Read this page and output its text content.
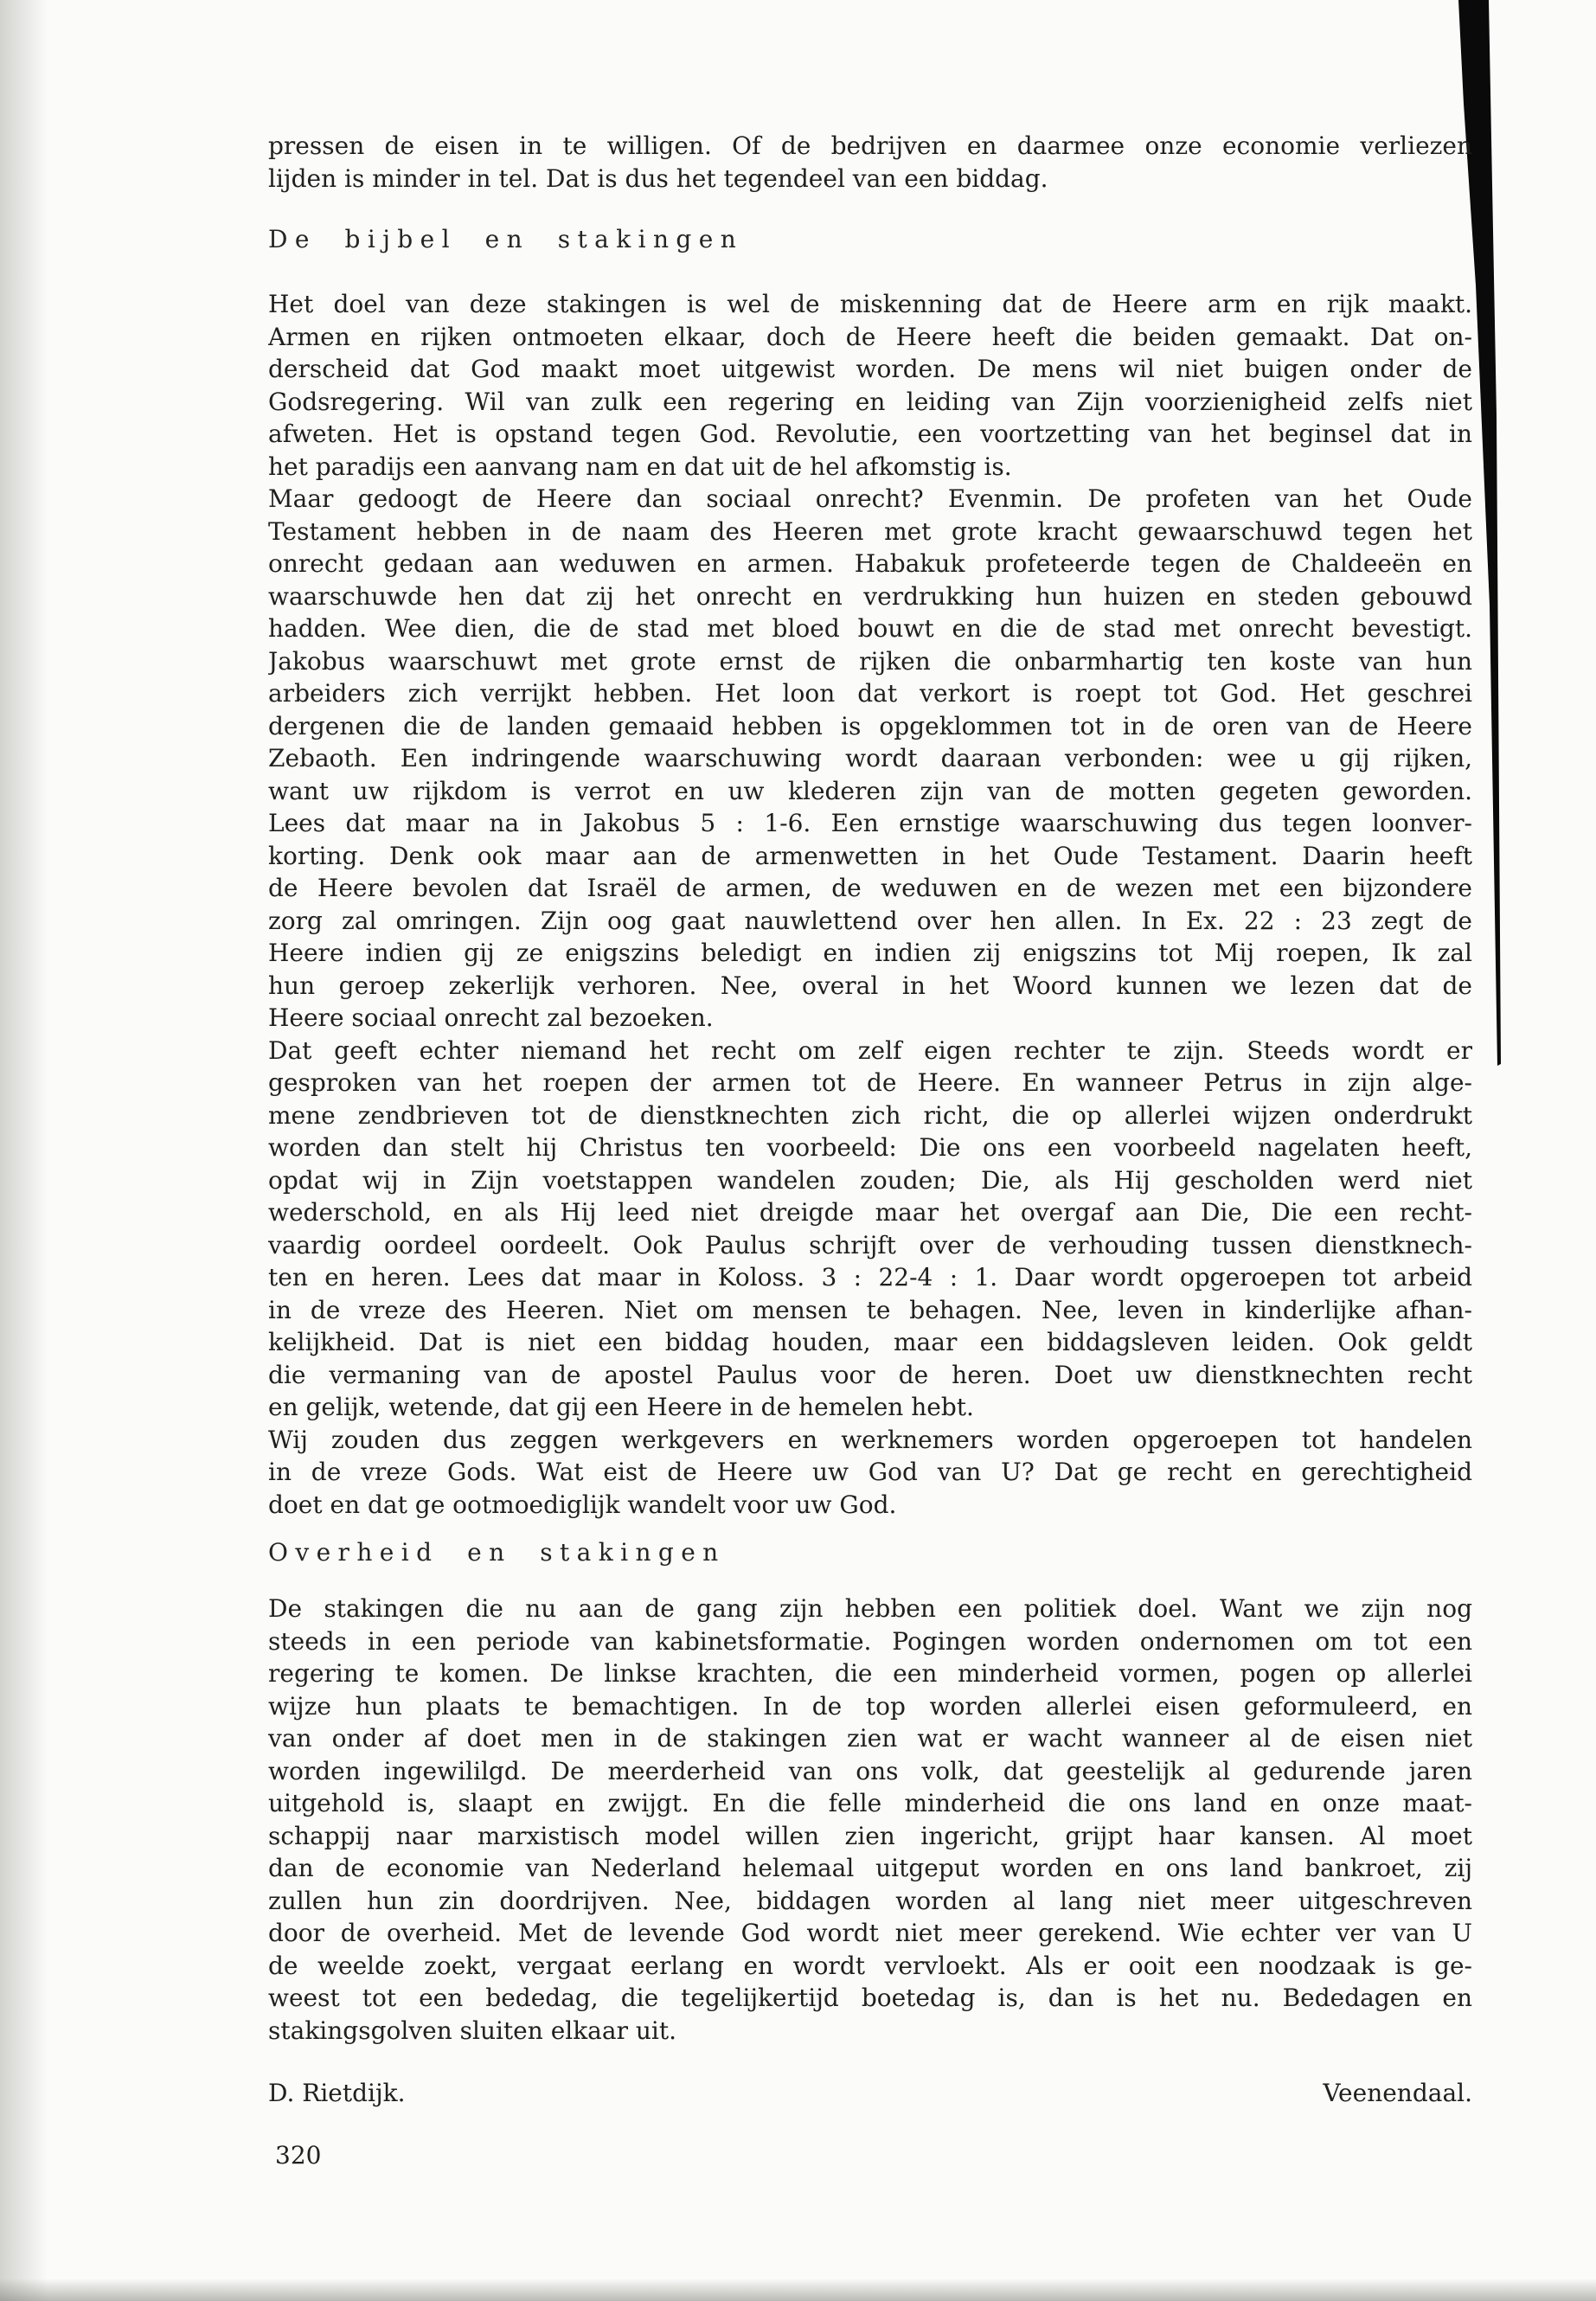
pressen de eisen in te willigen. Of de bedrijven en daarmee onze economie verliezen
lijden is minder in tel. Dat is dus het tegendeel van een biddag.
De bijbel en stakingen
Het doel van deze stakingen is wel de miskenning dat de Heere arm en rijk maakt.
Armen en rijken ontmoeten elkaar, doch de Heere heeft die beiden gemaakt. Dat on-
derscheid dat God maakt moet uitgewist worden. De mens wil niet buigen onder de
Godsregering. Wil van zulk een regering en leiding van Zijn voorzienigheid zelfs niet
afweten. Het is opstand tegen God. Revolutie, een voortzetting van het beginsel dat in
het paradijs een aanvang nam en dat uit de hel afkomstig is.
Maar gedoogt de Heere dan sociaal onrecht? Evenmin. De profeten van het Oude
Testament hebben in de naam des Heeren met grote kracht gewaarschuwd tegen het
onrecht gedaan aan weduwen en armen. Habakuk profeteerde tegen de Chaldeeën en
waarschuwde hen dat zij het onrecht en verdrukking hun huizen en steden gebouwd
hadden. Wee dien, die de stad met bloed bouwt en die de stad met onrecht bevestigt.
Jakobus waarschuwt met grote ernst de rijken die onbarmhartig ten koste van hun
arbeiders zich verrijkt hebben. Het loon dat verkort is roept tot God. Het geschrei
dergenen die de landen gemaaid hebben is opgeklommen tot in de oren van de Heere
Zebaoth. Een indringende waarschuwing wordt daaraan verbonden: wee u gij rijken,
want uw rijkdom is verrot en uw klederen zijn van de motten gegeten geworden.
Lees dat maar na in Jakobus 5 : 1-6. Een ernstige waarschuwing dus tegen loonver-
korting. Denk ook maar aan de armenwetten in het Oude Testament. Daarin heeft
de Heere bevolen dat Israël de armen, de weduwen en de wezen met een bijzondere
zorg zal omringen. Zijn oog gaat nauwlettend over hen allen. In Ex. 22 : 23 zegt de
Heere indien gij ze enigszins beledigt en indien zij enigszins tot Mij roepen, Ik zal
hun geroep zekerlijk verhoren. Nee, overal in het Woord kunnen we lezen dat de
Heere sociaal onrecht zal bezoeken.
Dat geeft echter niemand het recht om zelf eigen rechter te zijn. Steeds wordt er
gesproken van het roepen der armen tot de Heere. En wanneer Petrus in zijn alge-
mene zendbrieven tot de dienstknechten zich richt, die op allerlei wijzen onderdrukt
worden dan stelt hij Christus ten voorbeeld: Die ons een voorbeeld nagelaten heeft,
opdat wij in Zijn voetstappen wandelen zouden; Die, als Hij gescholden werd niet
wederschold, en als Hij leed niet dreigde maar het overgaf aan Die, Die een recht-
vaardig oordeel oordeelt. Ook Paulus schrijft over de verhouding tussen dienstknech-
ten en heren. Lees dat maar in Koloss. 3 : 22-4 : 1. Daar wordt opgeroepen tot arbeid
in de vreze des Heeren. Niet om mensen te behagen. Nee, leven in kinderlijke afhan-
kelijkheid. Dat is niet een biddag houden, maar een biddagsleven leiden. Ook geldt
die vermaning van de apostel Paulus voor de heren. Doet uw dienstknechten recht
en gelijk, wetende, dat gij een Heere in de hemelen hebt.
Wij zouden dus zeggen werkgevers en werknemers worden opgeroepen tot handelen
in de vreze Gods. Wat eist de Heere uw God van U? Dat ge recht en gerechtigheid
doet en dat ge ootmoediglijk wandelt voor uw God.
Overheid en stakingen
De stakingen die nu aan de gang zijn hebben een politiek doel. Want we zijn nog
steeds in een periode van kabinetsformatie. Pogingen worden ondernomen om tot een
regering te komen. De linkse krachten, die een minderheid vormen, pogen op allerlei
wijze hun plaats te bemachtigen. In de top worden allerlei eisen geformuleerd, en
van onder af doet men in de stakingen zien wat er wacht wanneer al de eisen niet
worden ingewililgd. De meerderheid van ons volk, dat geestelijk al gedurende jaren
uitgehold is, slaapt en zwijgt. En die felle minderheid die ons land en onze maat-
schappij naar marxistisch model willen zien ingericht, grijpt haar kansen. Al moet
dan de economie van Nederland helemaal uitgeput worden en ons land bankroet, zij
zullen hun zin doordrijven. Nee, biddagen worden al lang niet meer uitgeschreven
door de overheid. Met de levende God wordt niet meer gerekend. Wie echter ver van U
de weelde zoekt, vergaat eerlang en wordt vervloekt. Als er ooit een noodzaak is ge-
weest tot een bededag, die tegelijkertijd boetedag is, dan is het nu. Bededagen en
stakingsgolven sluiten elkaar uit.
D. Rietdijk.	Veenendaal.
320
